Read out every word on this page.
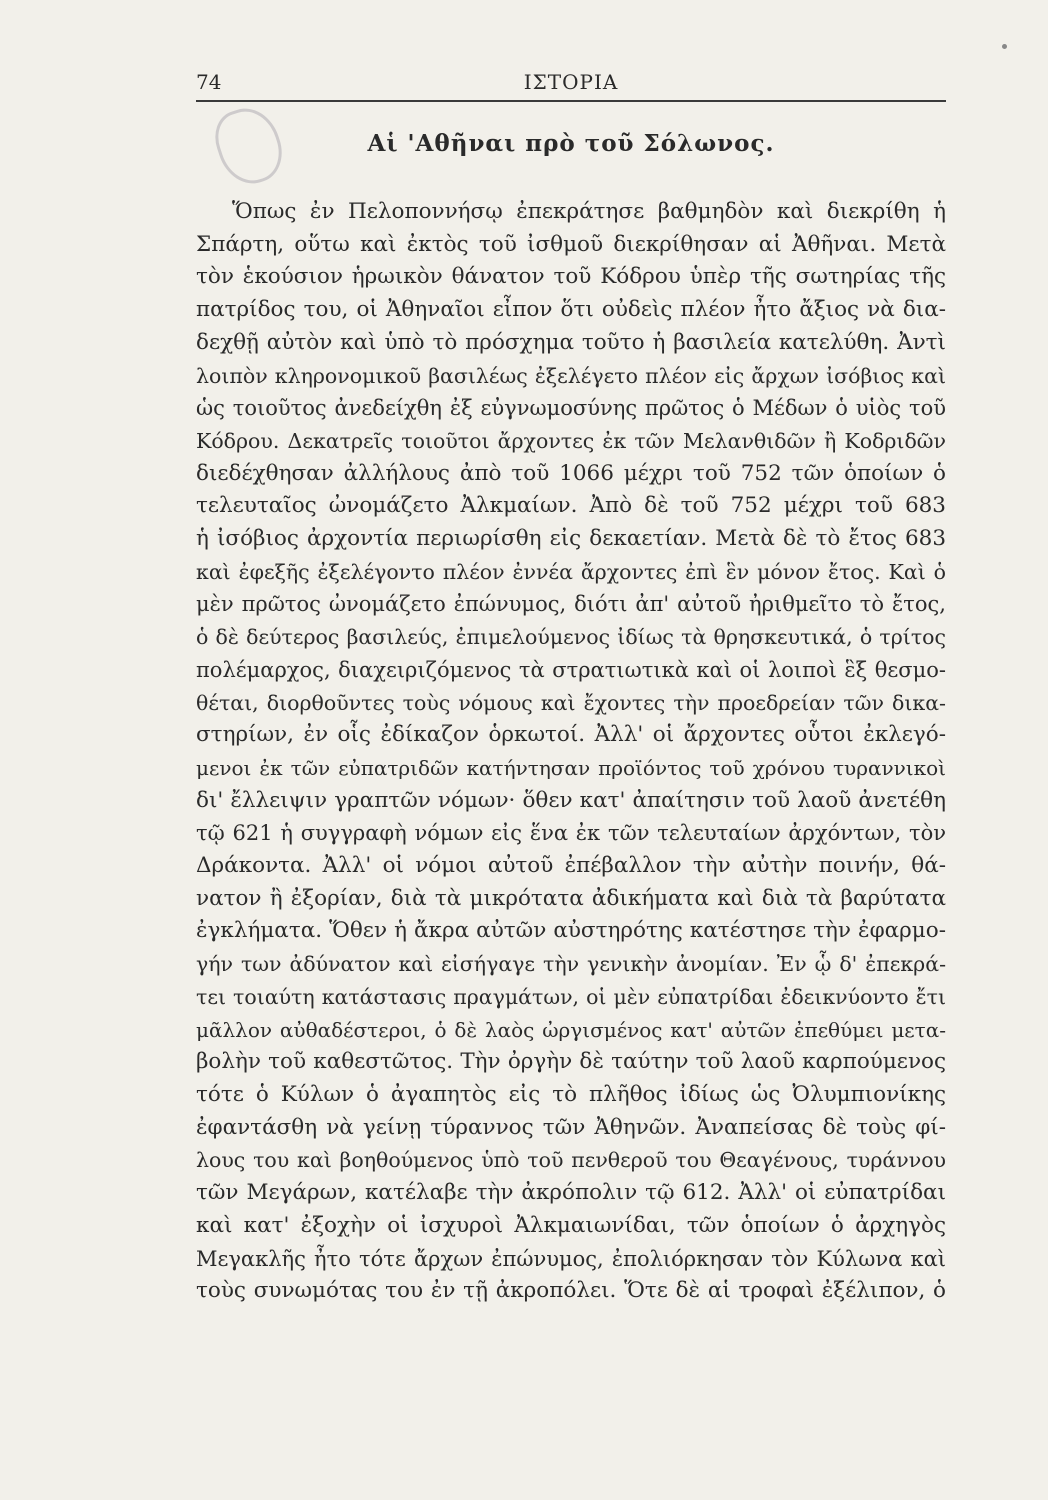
74	ΙΣΤΟΡΙΑ
Αἱ 'Αθῆναι πρὸ τοῦ Σόλωνος.
Ὅπως ἐν Πελοποννήσῳ ἐπεκράτησε βαθμηδὸν καὶ διεκρίθη ἡ
Σπάρτη, οὕτω καὶ ἐκτὸς τοῦ ἰσθμοῦ διεκρίθησαν αἱ Ἀθῆναι. Μετὰ
τὸν ἑκούσιον ἡρωικὸν θάνατον τοῦ Κόδρου ὑπὲρ τῆς σωτηρίας τῆς
πατρίδος του, οἱ Ἀθηναῖοι εἶπον ὅτι οὐδεὶς πλέον ἦτο ἄξιος νὰ δια-
δεχθῇ αὐτὸν καὶ ὑπὸ τὸ πρόσχημα τοῦτο ἡ βασιλεία κατελύθη. Ἀντὶ
λοιπὸν κληρονομικοῦ βασιλέως ἐξελέγετο πλέον εἰς ἄρχων ἰσόβιος καὶ
ὡς τοιοῦτος ἀνεδείχθη ἐξ εὐγνωμοσύνης πρῶτος ὁ Μέδων ὁ υἱὸς τοῦ
Κόδρου. Δεκατρεῖς τοιοῦτοι ἄρχοντες ἐκ τῶν Μελανθιδῶν ἢ Κοδριδῶν
διεδέχθησαν ἀλλήλους ἀπὸ τοῦ 1066 μέχρι τοῦ 752 τῶν ὁποίων ὁ
τελευταῖος ὠνομάζετο Ἀλκμαίων. Ἀπὸ δὲ τοῦ 752 μέχρι τοῦ 683
ἡ ἰσόβιος ἀρχοντία περιωρίσθη εἰς δεκαετίαν. Μετὰ δὲ τὸ ἔτος 683
καὶ ἐφεξῆς ἐξελέγοντο πλέον ἐννέα ἄρχοντες ἐπὶ ἓν μόνον ἔτος. Καὶ ὁ
μὲν πρῶτος ὠνομάζετο ἐπώνυμος, διότι ἀπ' αὐτοῦ ἠριθμεῖτο τὸ ἔτος,
ὁ δὲ δεύτερος βασιλεύς, ἐπιμελούμενος ἰδίως τὰ θρησκευτικά, ὁ τρίτος
πολέμαρχος, διαχειριζόμενος τὰ στρατιωτικὰ καὶ οἱ λοιποὶ ἓξ θεσμο-
θέται, διορθοῦντες τοὺς νόμους καὶ ἔχοντες τὴν προεδρείαν τῶν δικα-
στηρίων, ἐν οἷς ἐδίκαζον ὁρκωτοί. Ἀλλ' οἱ ἄρχοντες οὗτοι ἐκλεγό-
μενοι ἐκ τῶν εὐπατριδῶν κατήντησαν προϊόντος τοῦ χρόνου τυραννικοὶ
δι' ἔλλειψιν γραπτῶν νόμων· ὅθεν κατ' ἀπαίτησιν τοῦ λαοῦ ἀνετέθη
τῷ 621 ἡ συγγραφὴ νόμων εἰς ἕνα ἐκ τῶν τελευταίων ἀρχόντων, τὸν
Δράκοντα. Ἀλλ' οἱ νόμοι αὐτοῦ ἐπέβαλλον τὴν αὐτὴν ποινήν, θά-
νατον ἢ ἐξορίαν, διὰ τὰ μικρότατα ἀδικήματα καὶ διὰ τὰ βαρύτατα
ἐγκλήματα. Ὅθεν ἡ ἄκρα αὐτῶν αὐστηρότης κατέστησε τὴν ἐφαρμο-
γήν των ἀδύνατον καὶ εἰσήγαγε τὴν γενικὴν ἀνομίαν. Ἐν ᾧ δ' ἐπεκρά-
τει τοιαύτη κατάστασις πραγμάτων, οἱ μὲν εὐπατρίδαι ἐδεικνύοντο ἔτι
μᾶλλον αὐθαδέστεροι, ὁ δὲ λαὸς ὠργισμένος κατ' αὐτῶν ἐπεθύμει μετα-
βολὴν τοῦ καθεστῶτος. Τὴν ὀργὴν δὲ ταύτην τοῦ λαοῦ καρπούμενος
τότε ὁ Κύλων ὁ ἀγαπητὸς εἰς τὸ πλῆθος ἰδίως ὡς Ὀλυμπιονίκης
ἐφαντάσθη νὰ γείνῃ τύραννος τῶν Ἀθηνῶν. Ἀναπείσας δὲ τοὺς φί-
λους του καὶ βοηθούμενος ὑπὸ τοῦ πενθεροῦ του Θεαγένους, τυράννου
τῶν Μεγάρων, κατέλαβε τὴν ἀκρόπολιν τῷ 612. Ἀλλ' οἱ εὐπατρίδαι
καὶ κατ' ἐξοχὴν οἱ ἰσχυροὶ Ἀλκμαιωνίδαι, τῶν ὁποίων ὁ ἀρχηγὸς
Μεγακλῆς ἦτο τότε ἄρχων ἐπώνυμος, ἐπολιόρκησαν τὸν Κύλωνα καὶ
τοὺς συνωμότας του ἐν τῇ ἀκροπόλει. Ὅτε δὲ αἱ τροφαὶ ἐξέλιπον, ὁ
